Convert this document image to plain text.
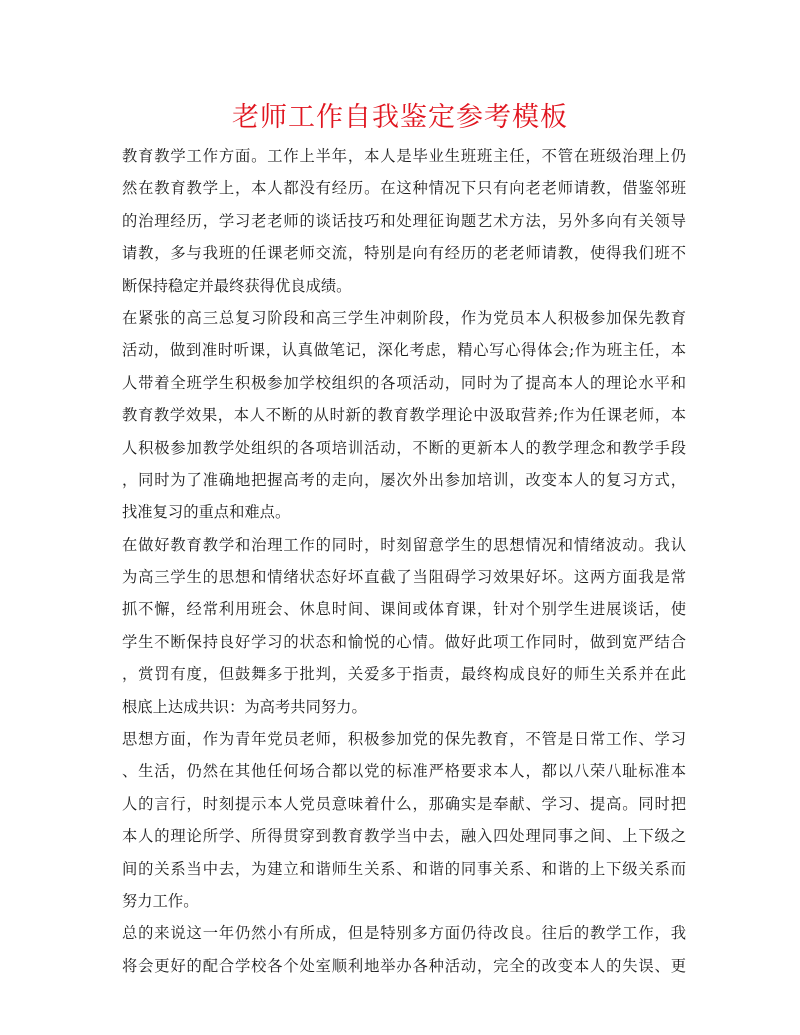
老师工作自我鉴定参考模板
教育教学工作方面。工作上半年，本人是毕业生班班主任，不管在班级治理上仍
然在教育教学上，本人都没有经历。在这种情况下只有向老老师请教，借鉴邻班
的治理经历，学习老老师的谈话技巧和处理征询题艺术方法，另外多向有关领导
请教，多与我班的任课老师交流，特别是向有经历的老老师请教，使得我们班不
断保持稳定并最终获得优良成绩。
在紧张的高三总复习阶段和高三学生冲刺阶段，作为党员本人积极参加保先教育
活动，做到准时听课，认真做笔记，深化考虑，精心写心得体会;作为班主任，本
人带着全班学生积极参加学校组织的各项活动，同时为了提高本人的理论水平和
教育教学效果，本人不断的从时新的教育教学理论中汲取营养;作为任课老师，本
人积极参加教学处组织的各项培训活动，不断的更新本人的教学理念和教学手段
，同时为了准确地把握高考的走向，屡次外出参加培训，改变本人的复习方式，
找准复习的重点和难点。
在做好教育教学和治理工作的同时，时刻留意学生的思想情况和情绪波动。我认
为高三学生的思想和情绪状态好坏直截了当阻碍学习效果好坏。这两方面我是常
抓不懈，经常利用班会、休息时间、课间或体育课，针对个别学生进展谈话，使
学生不断保持良好学习的状态和愉悦的心情。做好此项工作同时，做到宽严结合
，赏罚有度，但鼓舞多于批判，关爱多于指责，最终构成良好的师生关系并在此
根底上达成共识：为高考共同努力。
思想方面，作为青年党员老师，积极参加党的保先教育，不管是日常工作、学习
、生活，仍然在其他任何场合都以党的标准严格要求本人，都以八荣八耻标准本
人的言行，时刻提示本人党员意味着什么，那确实是奉献、学习、提高。同时把
本人的理论所学、所得贯穿到教育教学当中去，融入四处理同事之间、上下级之
间的关系当中去，为建立和谐师生关系、和谐的同事关系、和谐的上下级关系而
努力工作。
总的来说这一年仍然小有所成，但是特别多方面仍待改良。往后的教学工作，我
将会更好的配合学校各个处室顺利地举办各种活动，完全的改变本人的失误、更
